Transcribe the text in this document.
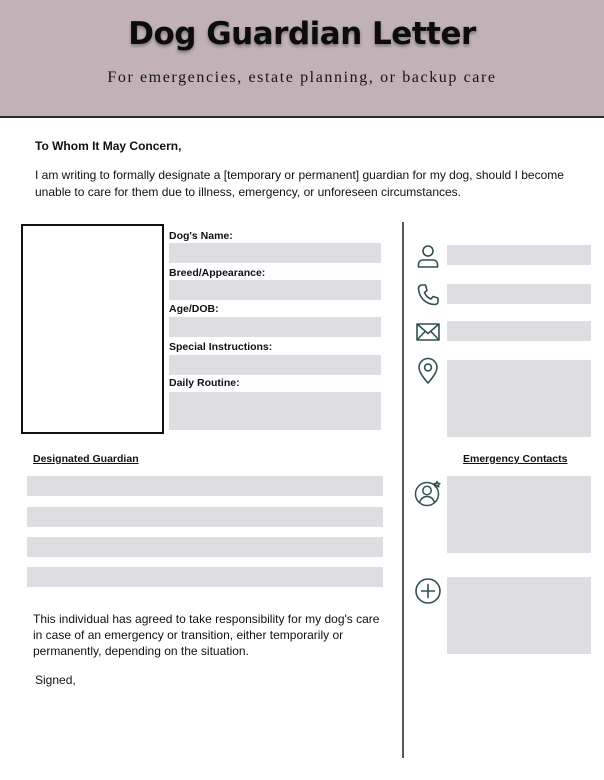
Dog Guardian Letter
For emergencies, estate planning, or backup care
To Whom It May Concern,
I am writing to formally designate a [temporary or permanent] guardian for my dog, should I become unable to care for them due to illness, emergency, or unforeseen circumstances.
Dog's Name:
Breed/Appearance:
Age/DOB:
Special Instructions:
Daily Routine:
Designated Guardian
This individual has agreed to take responsibility for my dog's care in case of an emergency or transition, either temporarily or permanently, depending on the situation.
Signed,
Emergency Contacts
